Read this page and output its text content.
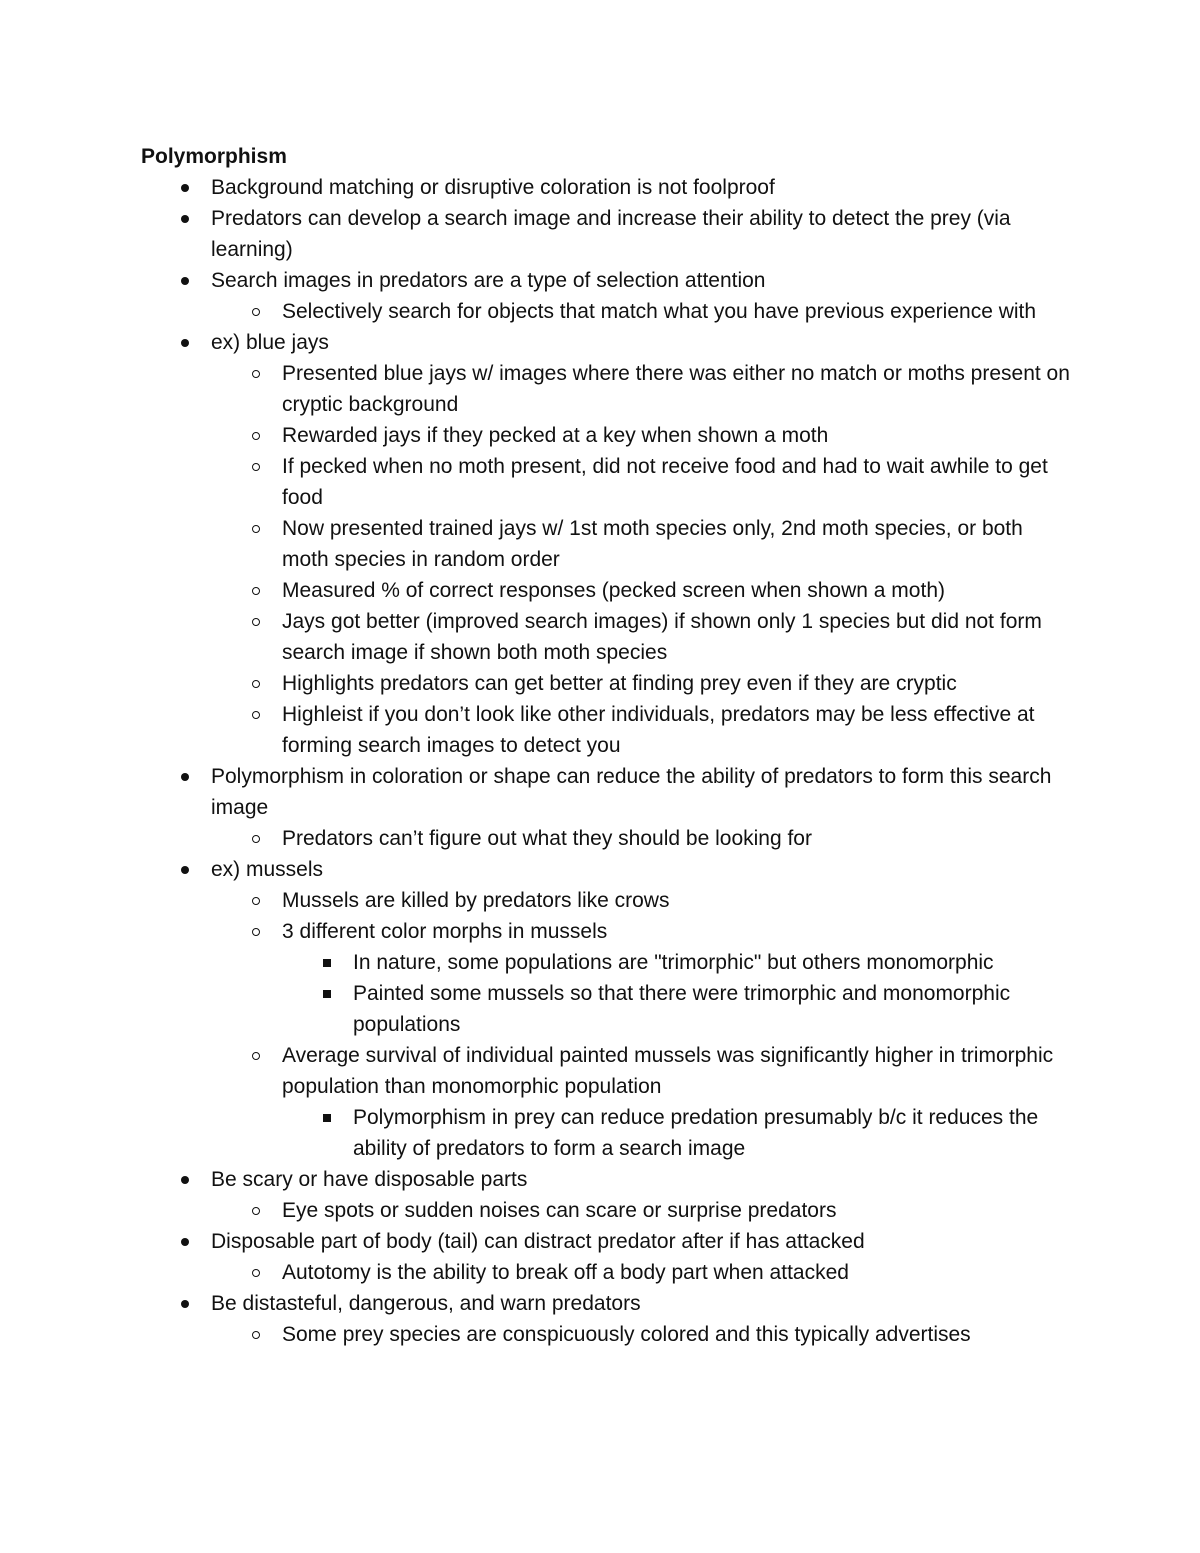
Polymorphism
Background matching or disruptive coloration is not foolproof
Predators can develop a search image and increase their ability to detect the prey (via learning)
Search images in predators are a type of selection attention
Selectively search for objects that match what you have previous experience with
ex) blue jays
Presented blue jays w/ images where there was either no match or moths present on cryptic background
Rewarded jays if they pecked at a key when shown a moth
If pecked when no moth present, did not receive food and had to wait awhile to get food
Now presented trained jays w/ 1st moth species only, 2nd moth species, or both moth species in random order
Measured % of correct responses (pecked screen when shown a moth)
Jays got better (improved search images) if shown only 1 species but did not form search image if shown both moth species
Highlights predators can get better at finding prey even if they are cryptic
Highleist if you don’t look like other individuals, predators may be less effective at forming search images to detect you
Polymorphism in coloration or shape can reduce the ability of predators to form this search image
Predators can’t figure out what they should be looking for
ex) mussels
Mussels are killed by predators like crows
3 different color morphs in mussels
In nature, some populations are "trimorphic" but others monomorphic
Painted some mussels so that there were trimorphic and monomorphic populations
Average survival of individual painted mussels was significantly higher in trimorphic population than monomorphic population
Polymorphism in prey can reduce predation presumably b/c it reduces the ability of predators to form a search image
Be scary or have disposable parts
Eye spots or sudden noises can scare or surprise predators
Disposable part of body (tail) can distract predator after if has attacked
Autotomy is the ability to break off a body part when attacked
Be distasteful, dangerous, and warn predators
Some prey species are conspicuously colored and this typically advertises
